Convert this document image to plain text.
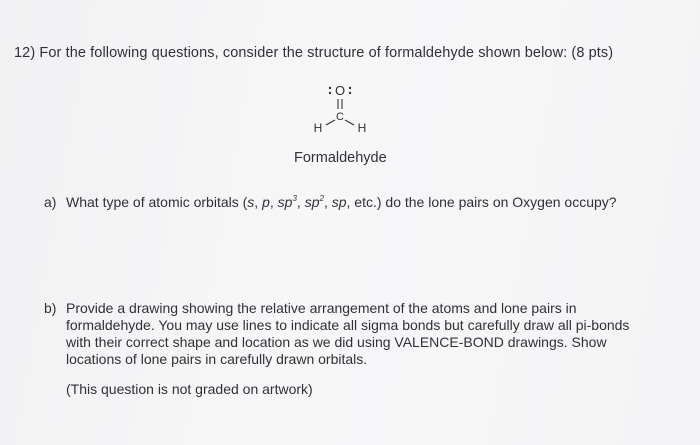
12) For the following questions, consider the structure of formaldehyde shown below: (8 pts)
O
C
H	H
Formaldehyde
a) What type of atomic orbitals (s, p, $sp^3$, $sp^2$, sp, etc.) do the lone pairs on Oxygen occupy?
b) Provide a drawing showing the relative arrangement of the atoms and lone pairs in
formaldehyde. You may use lines to indicate all sigma bonds but carefully draw all pi-bonds
with their correct shape and location as we did using VALENCE-BOND drawings. Show
locations of lone pairs in carefully drawn orbitals.
(This question is not graded on artwork)
